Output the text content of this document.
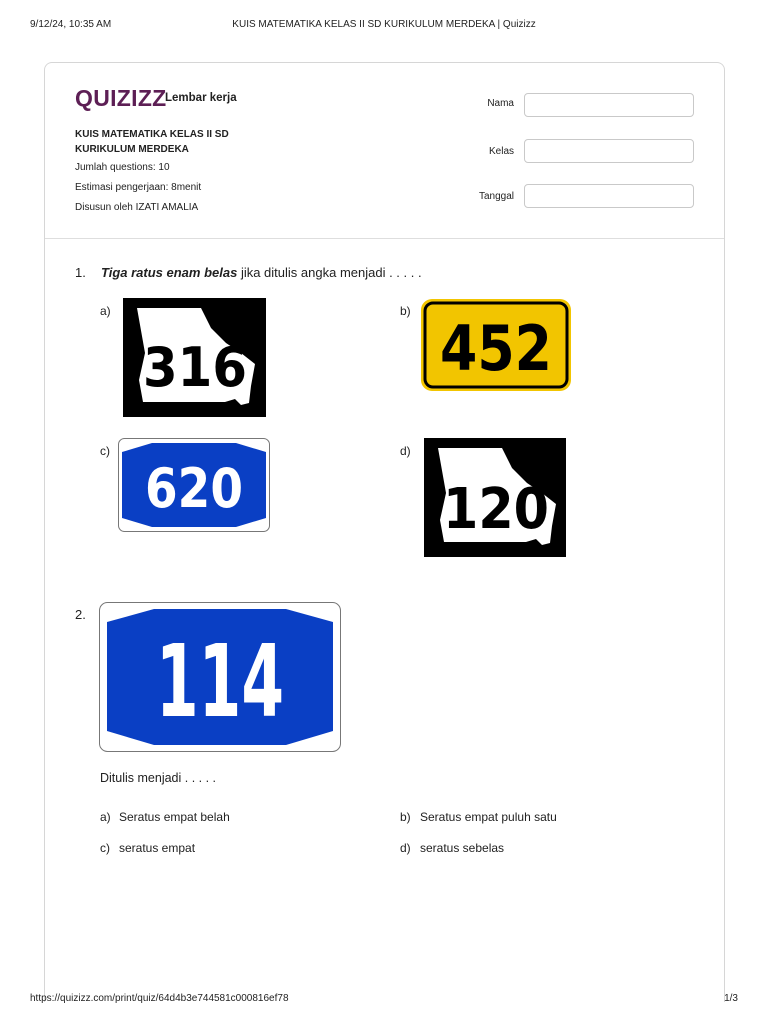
9/12/24, 10:35 AM	KUIS MATEMATIKA KELAS II SD KURIKULUM MERDEKA | Quizizz
QUIZIZZ
Lembar kerja
KUIS MATEMATIKA KELAS II SD KURIKULUM MERDEKA
Jumlah questions: 10
Estimasi pengerjaan: 8menit
Disusun oleh IZATI AMALIA
Nama
Kelas
Tanggal
1. Tiga ratus enam belas jika ditulis angka menjadi . . . . .
a)
316
b)
452
c)
620
d)
120
2.
114
Ditulis menjadi . . . . .
a) Seratus empat belah	b) Seratus empat puluh satu
c) seratus empat	d) seratus sebelas
https://quizizz.com/print/quiz/64d4b3e744581c000816ef78	1/3
